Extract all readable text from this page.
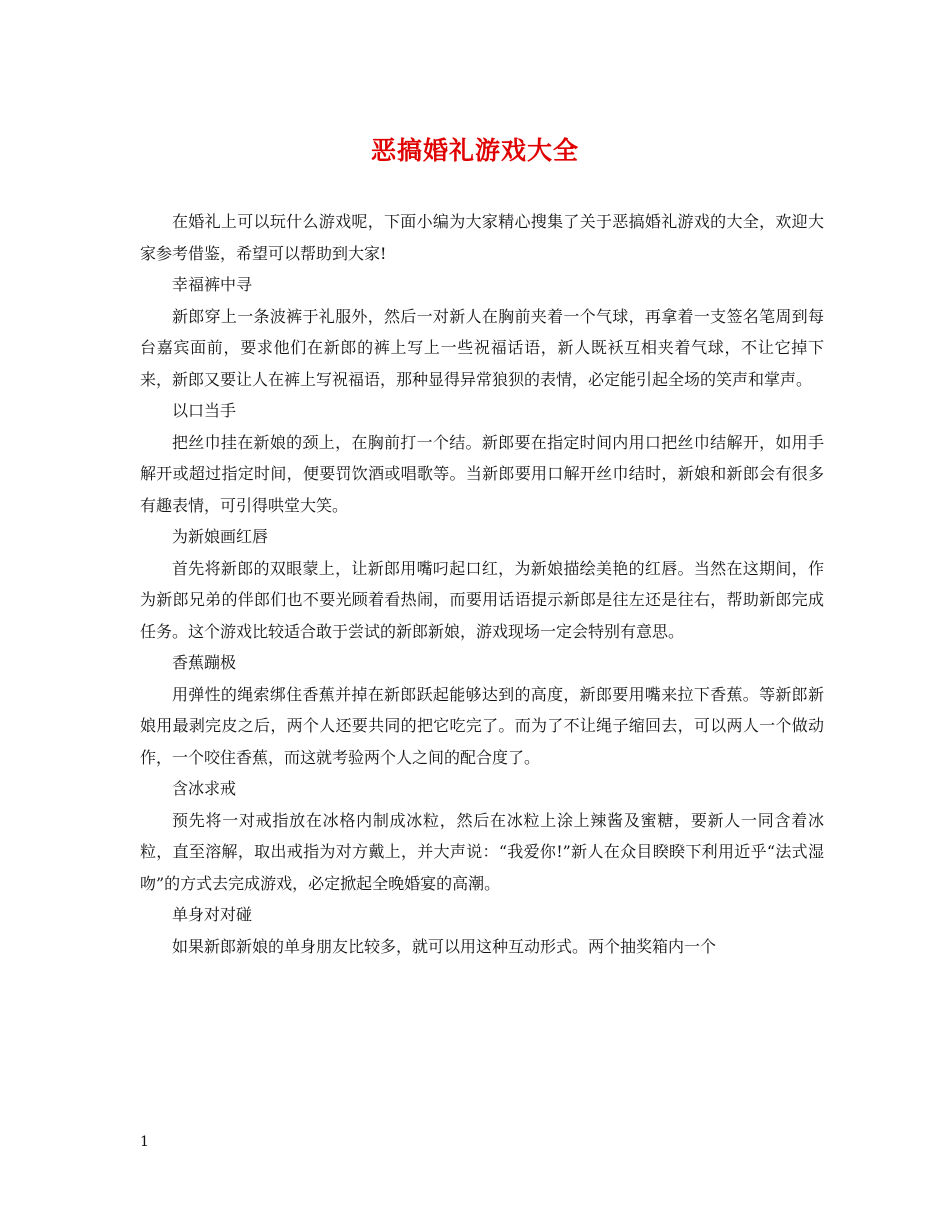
恶搞婚礼游戏大全

在婚礼上可以玩什么游戏呢，下面小编为大家精心搜集了关于恶搞婚礼游戏的大全，欢迎大家参考借鉴，希望可以帮助到大家!

幸福裤中寻

新郎穿上一条波裤于礼服外，然后一对新人在胸前夹着一个气球，再拿着一支签名笔周到每台嘉宾面前，要求他们在新郎的裤上写上一些祝福话语，新人既袄互相夹着气球，不让它掉下来，新郎又要让人在裤上写祝福语，那种显得异常狼狈的表情，必定能引起全场的笑声和掌声。

以口当手

把丝巾挂在新娘的颈上，在胸前打一个结。新郎要在指定时间内用口把丝巾结解开，如用手解开或超过指定时间，便要罚饮酒或唱歌等。当新郎要用口解开丝巾结时，新娘和新郎会有很多有趣表情，可引得哄堂大笑。

为新娘画红唇

首先将新郎的双眼蒙上，让新郎用嘴叼起口红，为新娘描绘美艳的红唇。当然在这期间，作为新郎兄弟的伴郎们也不要光顾着看热闹，而要用话语提示新郎是往左还是往右，帮助新郎完成任务。这个游戏比较适合敢于尝试的新郎新娘，游戏现场一定会特别有意思。

香蕉蹦极

用弹性的绳索绑住香蕉并掉在新郎跃起能够达到的高度，新郎要用嘴来拉下香蕉。等新郎新娘用最剥完皮之后，两个人还要共同的把它吃完了。而为了不让绳子缩回去，可以两人一个做动作，一个咬住香蕉，而这就考验两个人之间的配合度了。

含冰求戒

预先将一对戒指放在冰格内制成冰粒，然后在冰粒上涂上辣酱及蜜糖，要新人一同含着冰粒，直至溶解，取出戒指为对方戴上，并大声说：“我爱你!”新人在众目睽睽下利用近乎“法式湿吻”的方式去完成游戏，必定掀起全晚婚宴的高潮。

单身对对碰

如果新郎新娘的单身朋友比较多，就可以用这种互动形式。两个抽奖箱内一个

1
